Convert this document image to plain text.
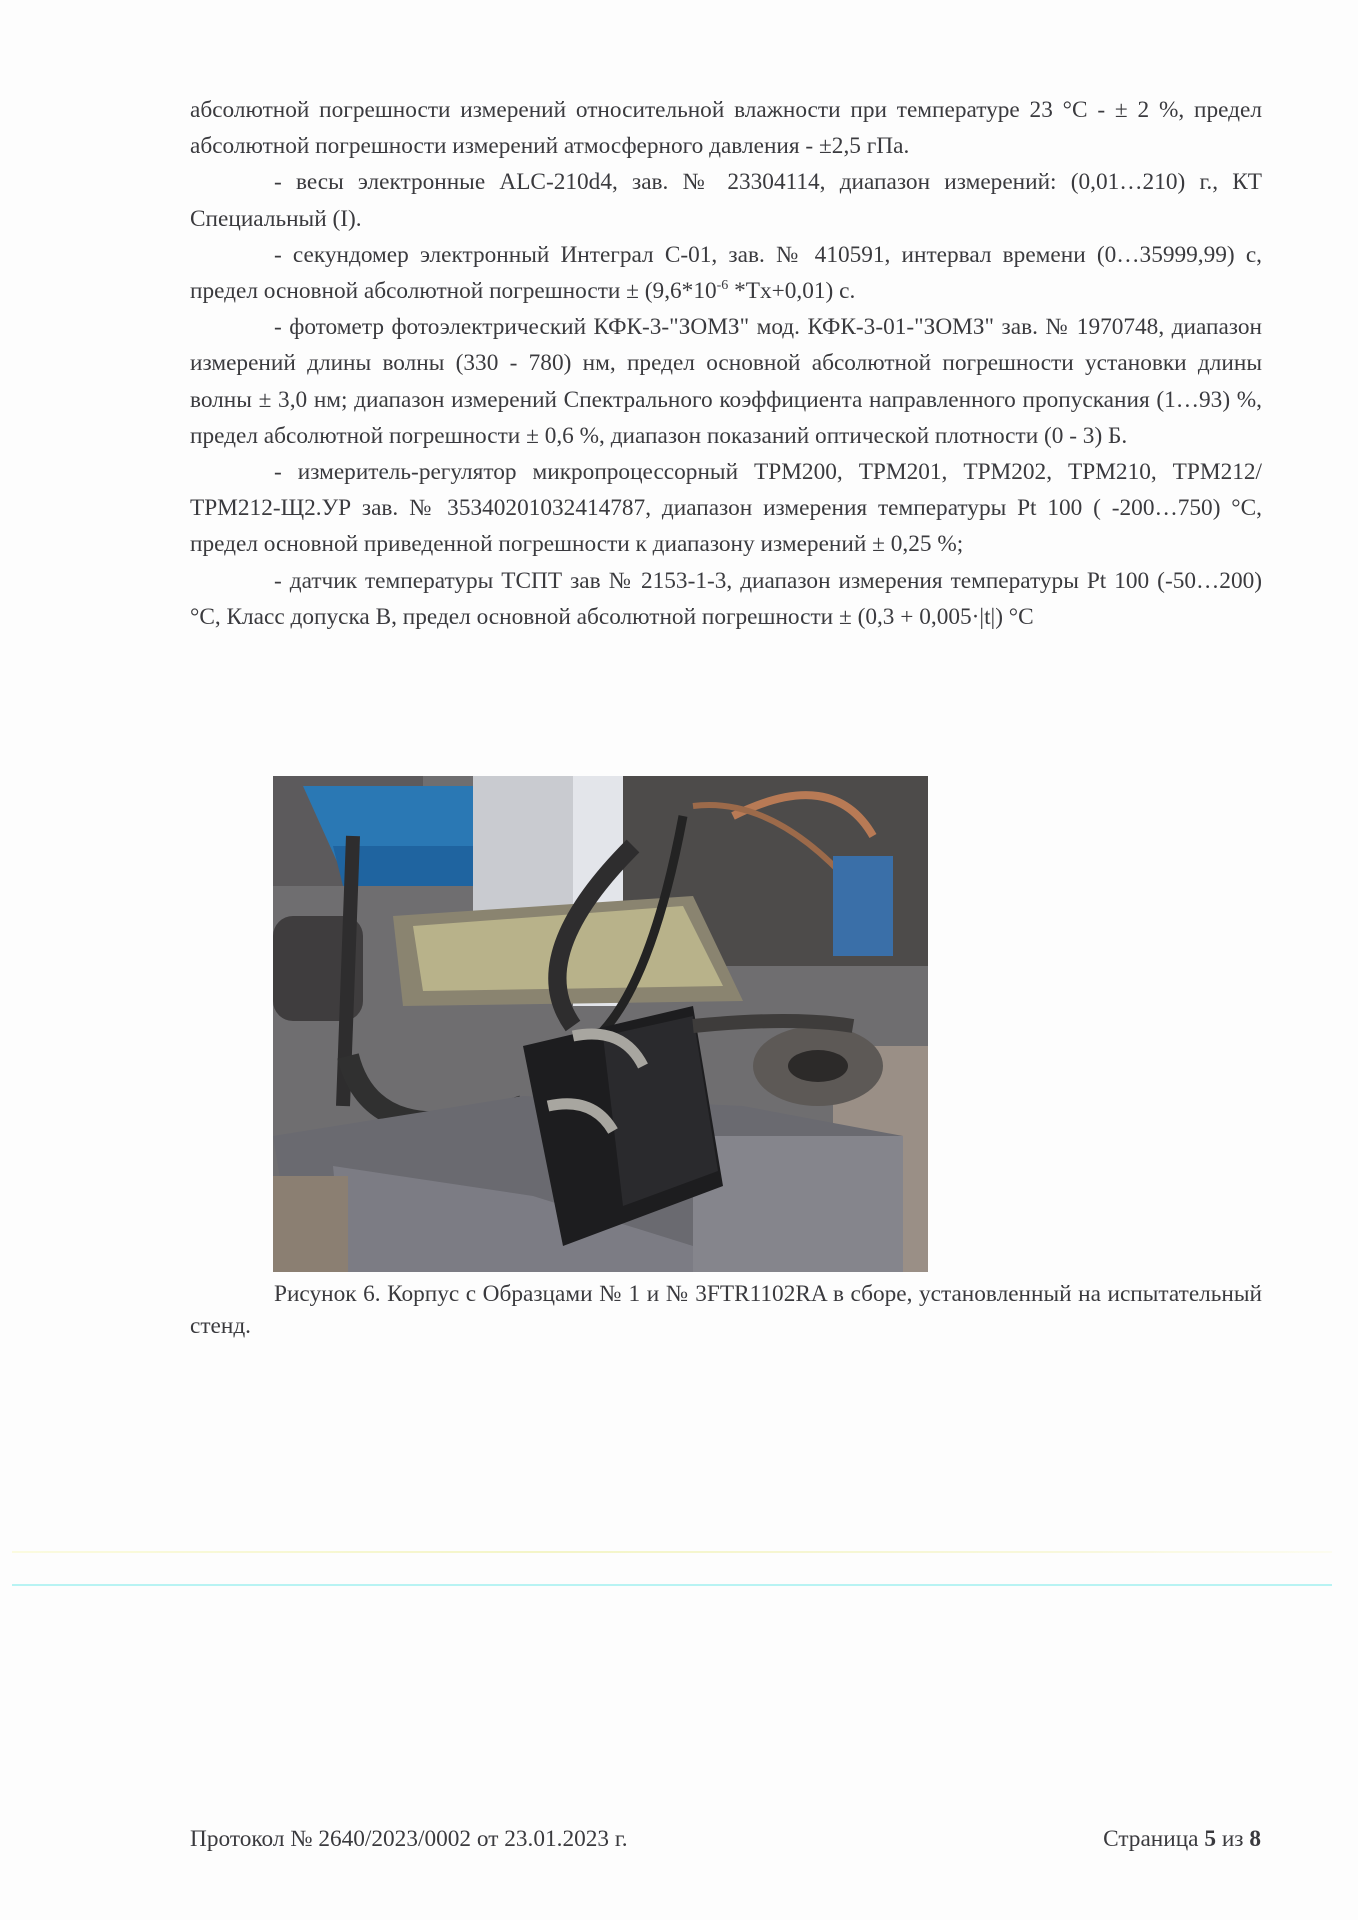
абсолютной погрешности измерений относительной влажности при температуре 23 °C - ± 2 %, предел абсолютной погрешности измерений атмосферного давления - ±2,5 гПа.

- весы электронные ALC-210d4, зав. № 23304114, диапазон измерений: (0,01…210) г., КТ Специальный (I).

- секундомер электронный Интеграл С-01, зав. № 410591, интервал времени (0…35999,99) с, предел основной абсолютной погрешности ± ($9,6*10^{-6}$ *Tx+0,01) с.

- фотометр фотоэлектрический КФК-3-"ЗОМЗ" мод. КФК-3-01-"ЗОМЗ" зав. № 1970748, диапазон измерений длины волны (330 - 780) нм, предел основной абсолютной погрешности установки длины волны ± 3,0 нм; диапазон измерений Спектрального коэффициента направленного пропускания (1…93) %, предел абсолютной погрешности ± 0,6 %, диапазон показаний оптической плотности (0 - 3) Б.

- измеритель-регулятор микропроцессорный ТРМ200, ТРМ201, ТРМ202, ТРМ210, ТРМ212/ТРМ212-Щ2.УР зав. № 35340201032414787, диапазон измерения температуры Pt 100 ( -200…750) °C, предел основной приведенной погрешности к диапазону измерений ± 0,25 %;

- датчик температуры ТСПТ зав № 2153-1-3, диапазон измерения температуры Pt 100 (-50…200) °C, Класс допуска B, предел основной абсолютной погрешности ± (0,3 + 0,005·|t|) °C

Рисунок 6. Корпус с Образцами № 1 и № 3FTR1102RA в сборе, установленный на испытательный стенд.

Протокол № 2640/2023/0002 от 23.01.2023 г.	Страница 5 из 8
